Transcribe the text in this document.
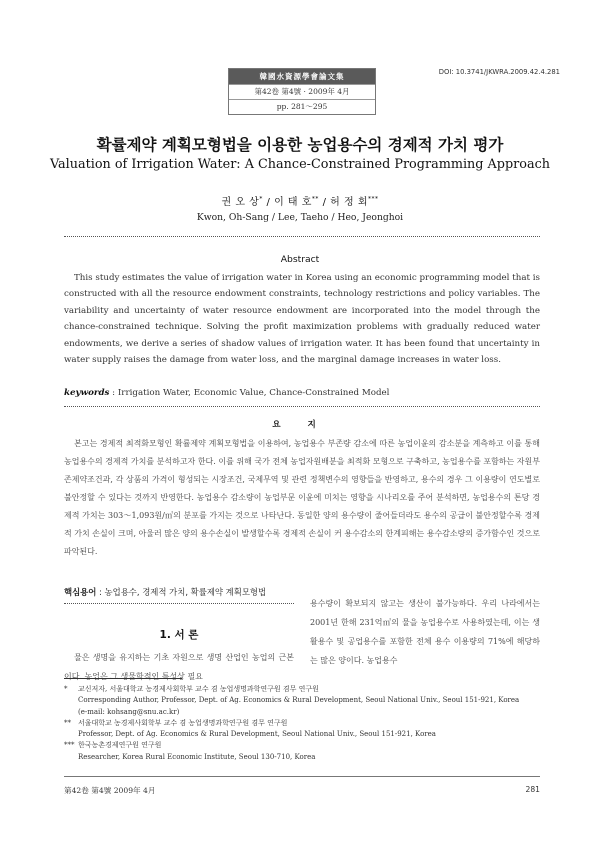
韓國水資源學會論文集
第42卷 第4號 · 2009年 4月
pp. 281～295
DOI: 10.3741/JKWRA.2009.42.4.281
확률제약 계획모형법을 이용한 농업용수의 경제적 가치 평가
Valuation of Irrigation Water: A Chance-Constrained Programming Approach
권 오 상* / 이 태 호** / 허 정 회***
Kwon, Oh-Sang / Lee, Taeho / Heo, Jeonghoi
Abstract
This study estimates the value of irrigation water in Korea using an economic programming model that is constructed with all the resource endowment constraints, technology restrictions and policy variables. The variability and uncertainty of water resource endowment are incorporated into the model through the chance-constrained technique. Solving the profit maximization problems with gradually reduced water endowments, we derive a series of shadow values of irrigation water. It has been found that uncertainty in water supply raises the damage from water loss, and the marginal damage increases in water loss.
keywords : Irrigation Water, Economic Value, Chance-Constrained Model
요 지
본고는 경제적 최적화모형인 확률제약 계획모형법을 이용하여, 농업용수 부존량 감소에 따른 농업이윤의 감소분을 계측하고 이를 통해 농업용수의 경제적 가치를 분석하고자 한다. 이를 위해 국가 전체 농업자원배분을 최적화 모형으로 구축하고, 농업용수를 포함하는 자원부존제약조건과, 각 상품의 가격이 형성되는 시장조건, 국제무역 및 관련 정책변수의 영향들을 반영하고, 용수의 경우 그 이용량이 연도별로 불안정할 수 있다는 것까지 반영한다. 농업용수 감소량이 농업부문 이윤에 미치는 영향을 시나리오를 주어 분석하면, 농업용수의 톤당 경제적 가치는 303～1,093원/㎥의 분포를 가지는 것으로 나타난다. 동일한 양의 용수량이 줄어들더라도 용수의 공급이 불안정할수록 경제적 가치 손실이 크며, 아울러 많은 양의 용수손실이 발생할수록 경제적 손실이 커 용수감소의 한계피해는 용수감소량의 증가함수인 것으로 파악된다.
핵심용어 : 농업용수, 경제적 가치, 확률제약 계획모형법
1. 서 론
물은 생명을 유지하는 기초 자원으로 생명 산업인 농업의 근본이다. 농업은 그 생물학적인 특성상 필요
용수량이 확보되지 않고는 생산이 불가능하다. 우리 나라에서는 2001년 한해 231억㎥의 물을 농업용수로 사용하였는데, 이는 생활용수 및 공업용수를 포함한 전체 용수 이용량의 71%에 해당하는 많은 양이다. 농업용수
* 교신저자, 서울대학교 농경제사회학부 교수 겸 농업생명과학연구원 겸무 연구원
Corresponding Author, Professor, Dept. of Ag. Economics & Rural Development, Seoul National Univ., Seoul 151-921, Korea
(e-mail: kohsang@snu.ac.kr)
** 서울대학교 농경제사회학부 교수 겸 농업생명과학연구원 겸무 연구원
Professor, Dept. of Ag. Economics & Rural Development, Seoul National Univ., Seoul 151-921, Korea
*** 한국농촌경제연구원 연구원
Researcher, Korea Rural Economic Institute, Seoul 130-710, Korea
第42卷 第4號 2009年 4月	281
